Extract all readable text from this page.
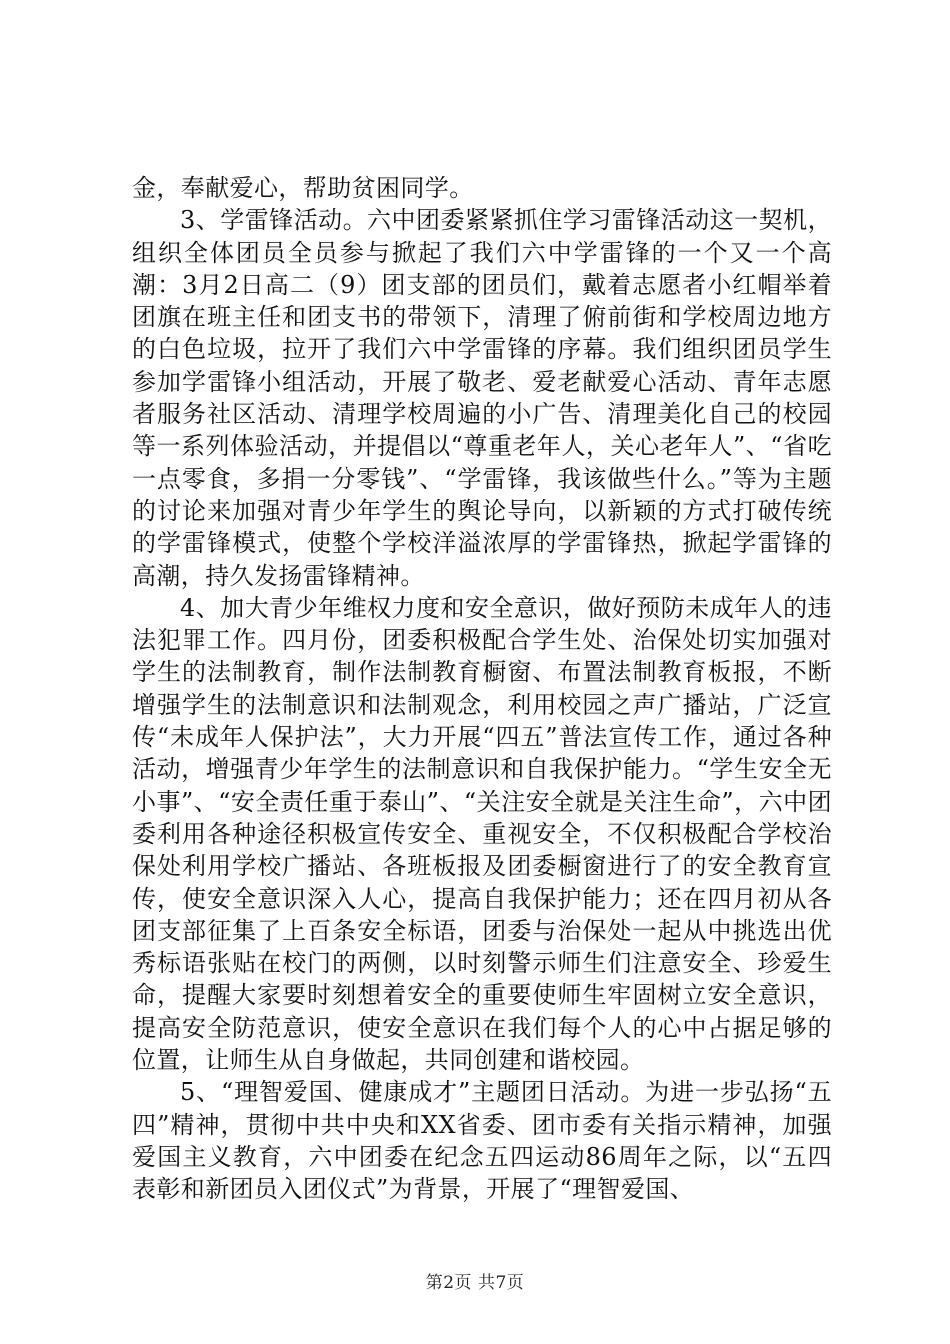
金，奉献爱心，帮助贫困同学。

3、学雷锋活动。六中团委紧紧抓住学习雷锋活动这一契机，组织全体团员全员参与掀起了我们六中学雷锋的一个又一个高潮：3月2日高二（9）团支部的团员们，戴着志愿者小红帽举着团旗在班主任和团支书的带领下，清理了俯前街和学校周边地方的白色垃圾，拉开了我们六中学雷锋的序幕。我们组织团员学生参加学雷锋小组活动，开展了敬老、爱老献爱心活动、青年志愿者服务社区活动、清理学校周遍的小广告、清理美化自己的校园等一系列体验活动，并提倡以“尊重老年人，关心老年人”、“省吃一点零食，多捐一分零钱”、“学雷锋，我该做些什么。”等为主题的讨论来加强对青少年学生的舆论导向，以新颖的方式打破传统的学雷锋模式，使整个学校洋溢浓厚的学雷锋热，掀起学雷锋的高潮，持久发扬雷锋精神。

4、加大青少年维权力度和安全意识，做好预防未成年人的违法犯罪工作。四月份，团委积极配合学生处、治保处切实加强对学生的法制教育，制作法制教育橱窗、布置法制教育板报，不断增强学生的法制意识和法制观念，利用校园之声广播站，广泛宣传“未成年人保护法”，大力开展“四五”普法宣传工作，通过各种活动，增强青少年学生的法制意识和自我保护能力。“学生安全无小事”、“安全责任重于泰山”、“关注安全就是关注生命”，六中团委利用各种途径积极宣传安全、重视安全，不仅积极配合学校治保处利用学校广播站、各班板报及团委橱窗进行了的安全教育宣传，使安全意识深入人心，提高自我保护能力；还在四月初从各团支部征集了上百条安全标语，团委与治保处一起从中挑选出优秀标语张贴在校门的两侧，以时刻警示师生们注意安全、珍爱生命，提醒大家要时刻想着安全的重要使师生牢固树立安全意识，提高安全防范意识，使安全意识在我们每个人的心中占据足够的位置，让师生从自身做起，共同创建和谐校园。

5、“理智爱国、健康成才”主题团日活动。为进一步弘扬“五四”精神，贯彻中共中央和XX省委、团市委有关指示精神，加强爱国主义教育，六中团委在纪念五四运动86周年之际，以“五四表彰和新团员入团仪式”为背景，开展了“理智爱国、

第2页 共7页
